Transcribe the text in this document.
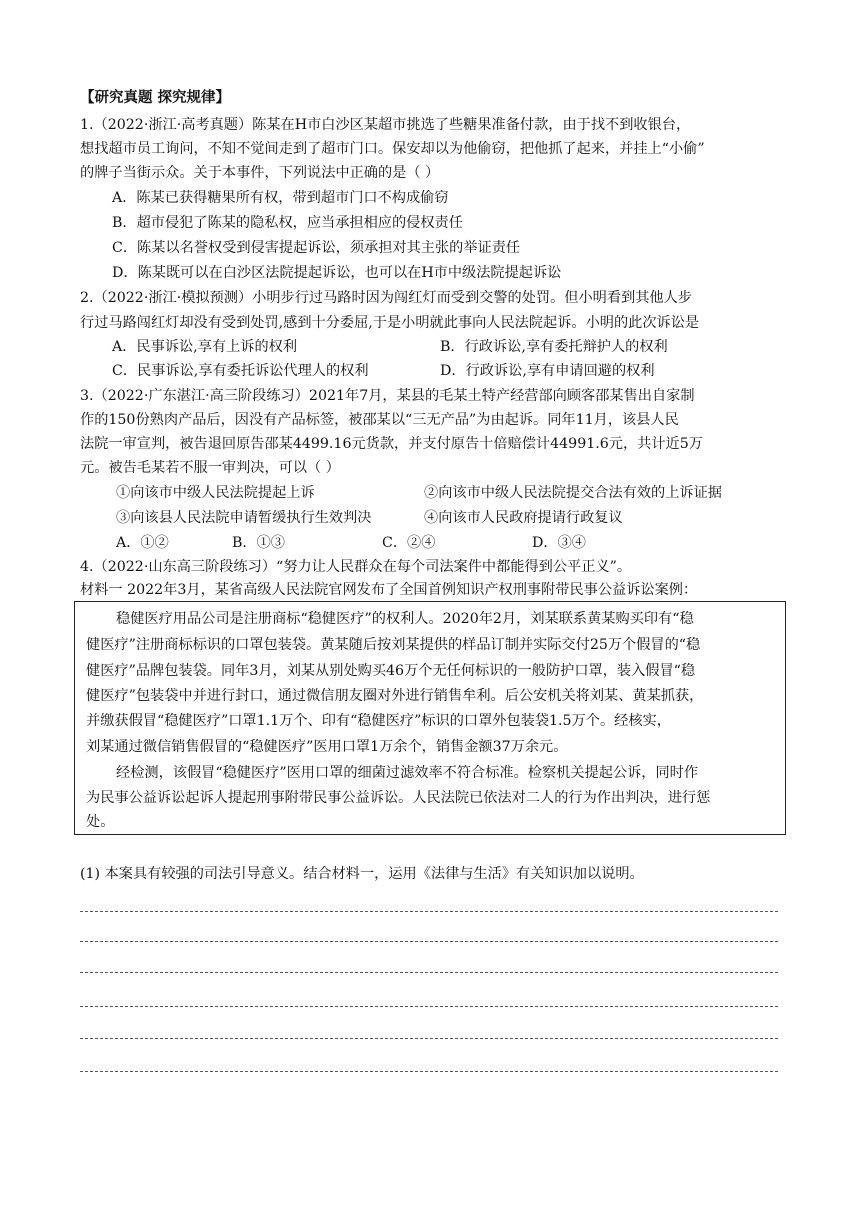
【研究真题 探究规律】
1.（2022·浙江·高考真题）陈某在H市白沙区某超市挑选了些糖果准备付款，由于找不到收银台，
想找超市员工询问，不知不觉间走到了超市门口。保安却以为他偷窃，把他抓了起来，并挂上“小偷”
的牌子当街示众。关于本事件，下列说法中正确的是（ ）
A．陈某已获得糖果所有权，带到超市门口不构成偷窃
B．超市侵犯了陈某的隐私权，应当承担相应的侵权责任
C．陈某以名誉权受到侵害提起诉讼，须承担对其主张的举证责任
D．陈某既可以在白沙区法院提起诉讼，也可以在H市中级法院提起诉讼
2.（2022·浙江·模拟预测）小明步行过马路时因为闯红灯而受到交警的处罚。但小明看到其他人步
行过马路闯红灯却没有受到处罚,感到十分委屈,于是小明就此事向人民法院起诉。小明的此次诉讼是
A．民事诉讼,享有上诉的权利	B．行政诉讼,享有委托辩护人的权利
C．民事诉讼,享有委托诉讼代理人的权利	D．行政诉讼,享有申请回避的权利
3.（2022·广东湛江·高三阶段练习）2021年7月，某县的毛某土特产经营部向顾客邵某售出自家制
作的150份熟肉产品后，因没有产品标签，被邵某以“三无产品”为由起诉。同年11月，该县人民
法院一审宣判，被告退回原告邵某4499.16元货款，并支付原告十倍赔偿计44991.6元，共计近5万
元。被告毛某若不服一审判决，可以（ ）
①向该市中级人民法院提起上诉	②向该市中级人民法院提交合法有效的上诉证据
③向该县人民法院申请暂缓执行生效判决	④向该市人民政府提请行政复议
A．①②	B．①③	C．②④	D．③④
4.（2022·山东高三阶段练习）“努力让人民群众在每个司法案件中都能得到公平正义”。
材料一 2022年3月，某省高级人民法院官网发布了全国首例知识产权刑事附带民事公益诉讼案例：
稳健医疗用品公司是注册商标“稳健医疗”的权利人。2020年2月，刘某联系黄某购买印有“稳
健医疗”注册商标标识的口罩包装袋。黄某随后按刘某提供的样品订制并实际交付25万个假冒的“稳
健医疗”品牌包装袋。同年3月，刘某从别处购买46万个无任何标识的一般防护口罩，装入假冒“稳
健医疗”包装袋中并进行封口，通过微信朋友圈对外进行销售牟利。后公安机关将刘某、黄某抓获，
并缴获假冒“稳健医疗”口罩1.1万个、印有“稳健医疗”标识的口罩外包装袋1.5万个。经核实，
刘某通过微信销售假冒的“稳健医疗”医用口罩1万余个，销售金额37万余元。
经检测，该假冒“稳健医疗”医用口罩的细菌过滤效率不符合标准。检察机关提起公诉，同时作
为民事公益诉讼起诉人提起刑事附带民事公益诉讼。人民法院已依法对二人的行为作出判决，进行惩
处。
(1) 本案具有较强的司法引导意义。结合材料一，运用《法律与生活》有关知识加以说明。
